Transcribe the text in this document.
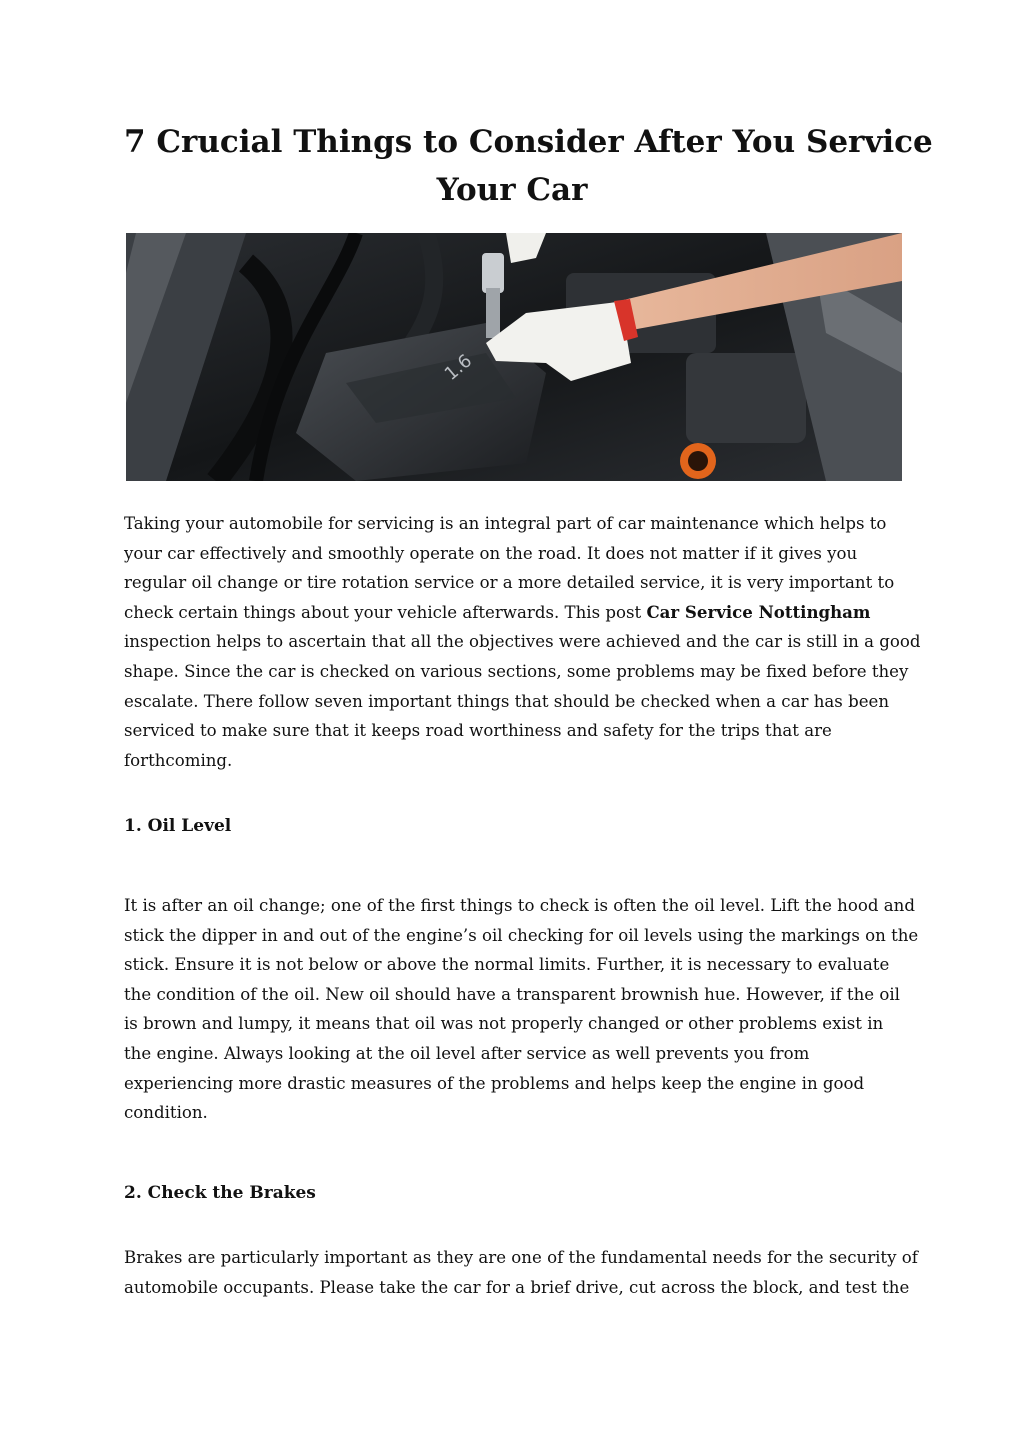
7 Crucial Things to Consider After You Service
Your Car
1.6

Taking your automobile for servicing is an integral part of car maintenance which helps to
your car effectively and smoothly operate on the road. It does not matter if it gives you
regular oil change or tire rotation service or a more detailed service, it is very important to
check certain things about your vehicle afterwards. This post Car Service Nottingham
inspection helps to ascertain that all the objectives were achieved and the car is still in a good
shape. Since the car is checked on various sections, some problems may be fixed before they
escalate. There follow seven important things that should be checked when a car has been
serviced to make sure that it keeps road worthiness and safety for the trips that are
forthcoming.

1. Oil Level

It is after an oil change; one of the first things to check is often the oil level. Lift the hood and
stick the dipper in and out of the engine’s oil checking for oil levels using the markings on the
stick. Ensure it is not below or above the normal limits. Further, it is necessary to evaluate
the condition of the oil. New oil should have a transparent brownish hue. However, if the oil
is brown and lumpy, it means that oil was not properly changed or other problems exist in
the engine. Always looking at the oil level after service as well prevents you from
experiencing more drastic measures of the problems and helps keep the engine in good
condition.

2. Check the Brakes

Brakes are particularly important as they are one of the fundamental needs for the security of
automobile occupants. Please take the car for a brief drive, cut across the block, and test the
